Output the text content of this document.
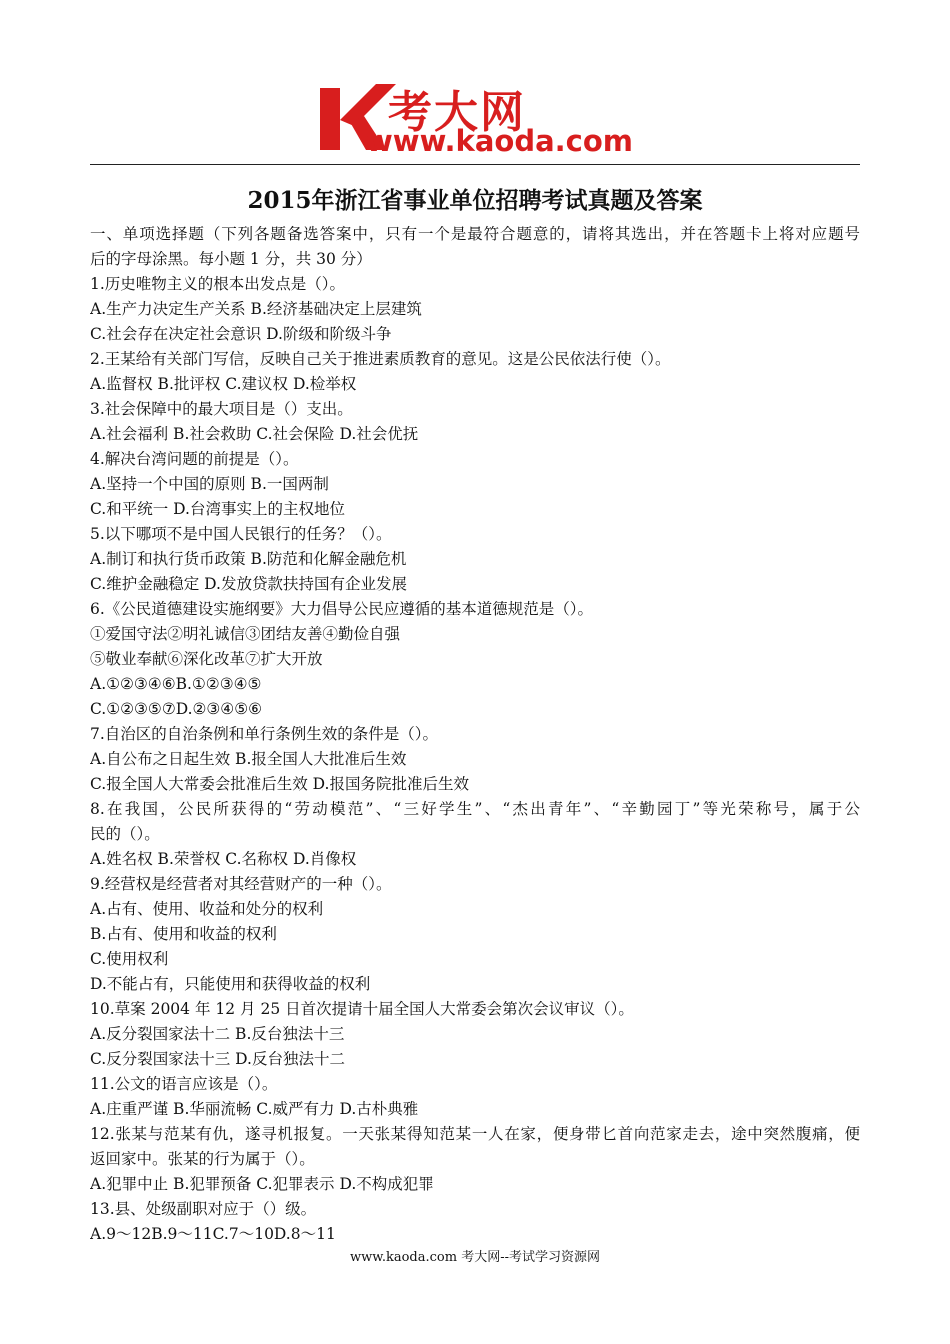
考大网
www.kaoda.com
2015年浙江省事业单位招聘考试真题及答案
一、单项选择题（下列各题备选答案中，只有一个是最符合题意的，请将其选出，并在答题卡上将对应题号
后的字母涂黑。每小题 1 分，共 30 分）
1.历史唯物主义的根本出发点是（）。
A.生产力决定生产关系 B.经济基础决定上层建筑
C.社会存在决定社会意识 D.阶级和阶级斗争
2.王某给有关部门写信，反映自己关于推进素质教育的意见。这是公民依法行使（）。
A.监督权 B.批评权 C.建议权 D.检举权
3.社会保障中的最大项目是（）支出。
A.社会福利 B.社会救助 C.社会保险 D.社会优抚
4.解决台湾问题的前提是（）。
A.坚持一个中国的原则 B.一国两制
C.和平统一 D.台湾事实上的主权地位
5.以下哪项不是中国人民银行的任务？（）。
A.制订和执行货币政策 B.防范和化解金融危机
C.维护金融稳定 D.发放贷款扶持国有企业发展
6.《公民道德建设实施纲要》大力倡导公民应遵循的基本道德规范是（）。
①爱国守法②明礼诚信③团结友善④勤俭自强
⑤敬业奉献⑥深化改革⑦扩大开放
A.①②③④⑥B.①②③④⑤
C.①②③⑤⑦D.②③④⑤⑥
7.自治区的自治条例和单行条例生效的条件是（）。
A.自公布之日起生效 B.报全国人大批准后生效
C.报全国人大常委会批准后生效 D.报国务院批准后生效
8.在我国，公民所获得的“劳动模范”、“三好学生”、“杰出青年”、“辛勤园丁”等光荣称号，属于公
民的（）。
A.姓名权 B.荣誉权 C.名称权 D.肖像权
9.经营权是经营者对其经营财产的一种（）。
A.占有、使用、收益和处分的权利
B.占有、使用和收益的权利
C.使用权利
D.不能占有，只能使用和获得收益的权利
10.草案 2004 年 12 月 25 日首次提请十届全国人大常委会第次会议审议（）。
A.反分裂国家法十二 B.反台独法十三
C.反分裂国家法十三 D.反台独法十二
11.公文的语言应该是（）。
A.庄重严谨 B.华丽流畅 C.威严有力 D.古朴典雅
12.张某与范某有仇，遂寻机报复。一天张某得知范某一人在家，便身带匕首向范家走去，途中突然腹痛，便
返回家中。张某的行为属于（）。
A.犯罪中止 B.犯罪预备 C.犯罪表示 D.不构成犯罪
13.县、处级副职对应于（）级。
A.9～12B.9～11C.7～10D.8～11
www.kaoda.com 考大网--考试学习资源网
